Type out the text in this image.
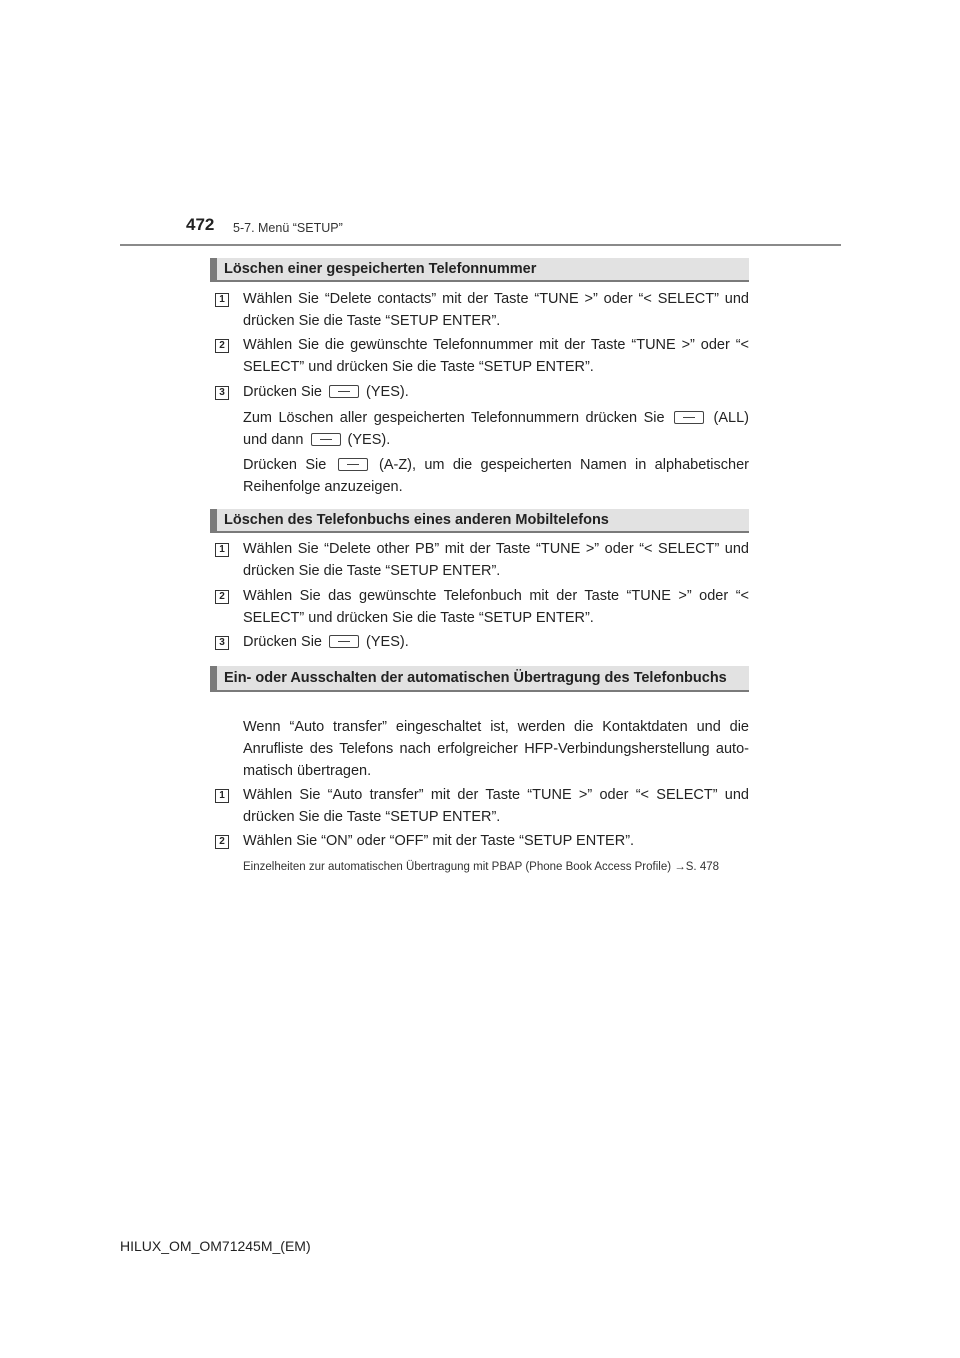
472 5-7. Menü “SETUP”
Löschen einer gespeicherten Telefonnummer
1 Wählen Sie “Delete contacts” mit der Taste “TUNE >” oder “< SELECT” und drücken Sie die Taste “SETUP ENTER”.
2 Wählen Sie die gewünschte Telefonnummer mit der Taste “TUNE >” oder “< SELECT” und drücken Sie die Taste “SETUP ENTER”.
3 Drücken Sie	(YES).
Zum Löschen aller gespeicherten Telefonnummern drücken Sie	(ALL) und dann	(YES).
Drücken Sie	(A-Z), um die gespeicherten Namen in alphabetischer Reihenfolge anzuzeigen.
Löschen des Telefonbuchs eines anderen Mobiltelefons
1 Wählen Sie “Delete other PB” mit der Taste “TUNE >” oder “< SELECT” und drücken Sie die Taste “SETUP ENTER”.
2 Wählen Sie das gewünschte Telefonbuch mit der Taste “TUNE >” oder “< SELECT” und drücken Sie die Taste “SETUP ENTER”.
3 Drücken Sie	(YES).
Ein- oder Ausschalten der automatischen Übertragung des Telefonbuchs
Wenn “Auto transfer” eingeschaltet ist, werden die Kontaktdaten und die Anrufliste des Telefons nach erfolgreicher HFP-Verbindungsherstellung automatisch übertragen.
1 Wählen Sie “Auto transfer” mit der Taste “TUNE >” oder “< SELECT” und drücken Sie die Taste “SETUP ENTER”.
2 Wählen Sie “ON” oder “OFF” mit der Taste “SETUP ENTER”.
Einzelheiten zur automatischen Übertragung mit PBAP (Phone Book Access Profile) →S. 478
HILUX_OM_OM71245M_(EM)
